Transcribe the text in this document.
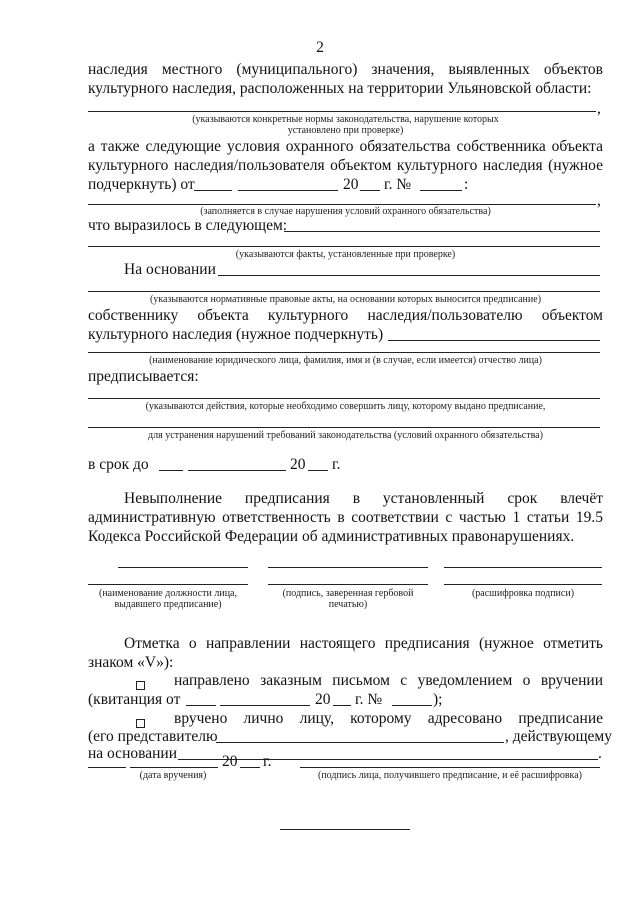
2
наследия местного (муниципального) значения, выявленных объектов
культурного наследия, расположенных на территории Ульяновской области:
,
(указываются конкретные нормы законодательства, нарушение которых
установлено при проверке)
а также следующие условия охранного обязательства собственника объекта
культурного наследия/пользователя объектом культурного наследия (нужное
подчеркнуть) от	20 г. №	:
,
(заполняется в случае нарушения условий охранного обязательства)
что выразилось в следующем:
(указываются факты, установленные при проверке)
На основании
(указываются нормативные правовые акты, на основании которых выносится предписание)
собственнику объекта культурного наследия/пользователю объектом
культурного наследия (нужное подчеркнуть)
(наименование юридического лица, фамилия, имя и (в случае, если имеется) отчество лица)
предписывается:
(указываются действия, которые необходимо совершить лицу, которому выдано предписание,
для устранения нарушений требований законодательства (условий охранного обязательства)
в срок до	20 г.
Невыполнение предписания в установленный срок влечёт
административную ответственность в соответствии с частью 1 статьи 19.5
Кодекса Российской Федерации об административных правонарушениях.
(наименование должности лица,
выдавшего предписание)
(подпись, заверенная гербовой
печатью)
(расшифровка подписи)
Отметка о направлении настоящего предписания (нужное отметить
знаком «V»):
направлено заказным письмом с уведомлением о вручении
(квитанция от	20 г. №	);
вручено лично лицу, которому адресовано предписание
(его представителю	, действующему
на основании	.
20 г.
(дата вручения)	(подпись лица, получившего предписание, и её расшифровка)
